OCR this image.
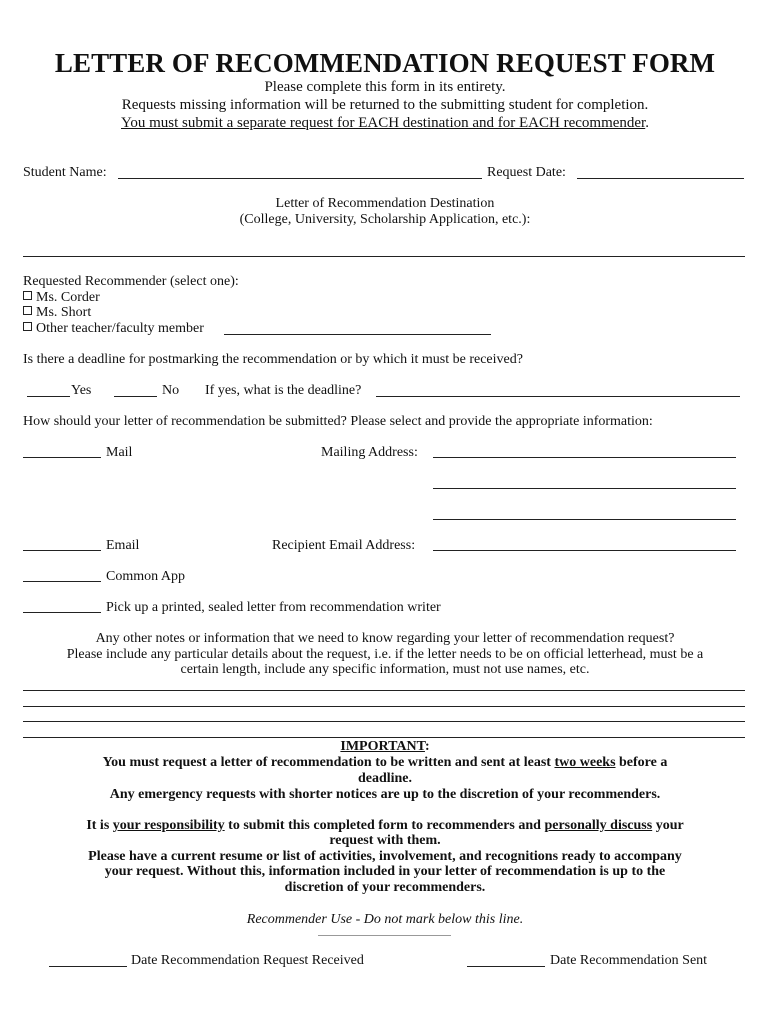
LETTER OF RECOMMENDATION REQUEST FORM
Please complete this form in its entirety.
Requests missing information will be returned to the submitting student for completion.
You must submit a separate request for EACH destination and for EACH recommender.
Student Name:	Request Date:
Letter of Recommendation Destination
(College, University, Scholarship Application, etc.):
Requested Recommender (select one):
Ms. Corder
Ms. Short
Other teacher/faculty member
Is there a deadline for postmarking the recommendation or by which it must be received?
Yes	No If yes, what is the deadline?
How should your letter of recommendation be submitted? Please select and provide the appropriate information:
Mail	Mailing Address:
Email	Recipient Email Address:
Common App
Pick up a printed, sealed letter from recommendation writer
Any other notes or information that we need to know regarding your letter of recommendation request?
Please include any particular details about the request, i.e. if the letter needs to be on official letterhead, must be a
certain length, include any specific information, must not use names, etc.
IMPORTANT:
You must request a letter of recommendation to be written and sent at least two weeks before a
deadline.
Any emergency requests with shorter notices are up to the discretion of your recommenders.
It is your responsibility to submit this completed form to recommenders and personally discuss your
request with them.
Please have a current resume or list of activities, involvement, and recognitions ready to accompany
your request. Without this, information included in your letter of recommendation is up to the
discretion of your recommenders.
Recommender Use - Do not mark below this line.
Date Recommendation Request Received	Date Recommendation Sent
